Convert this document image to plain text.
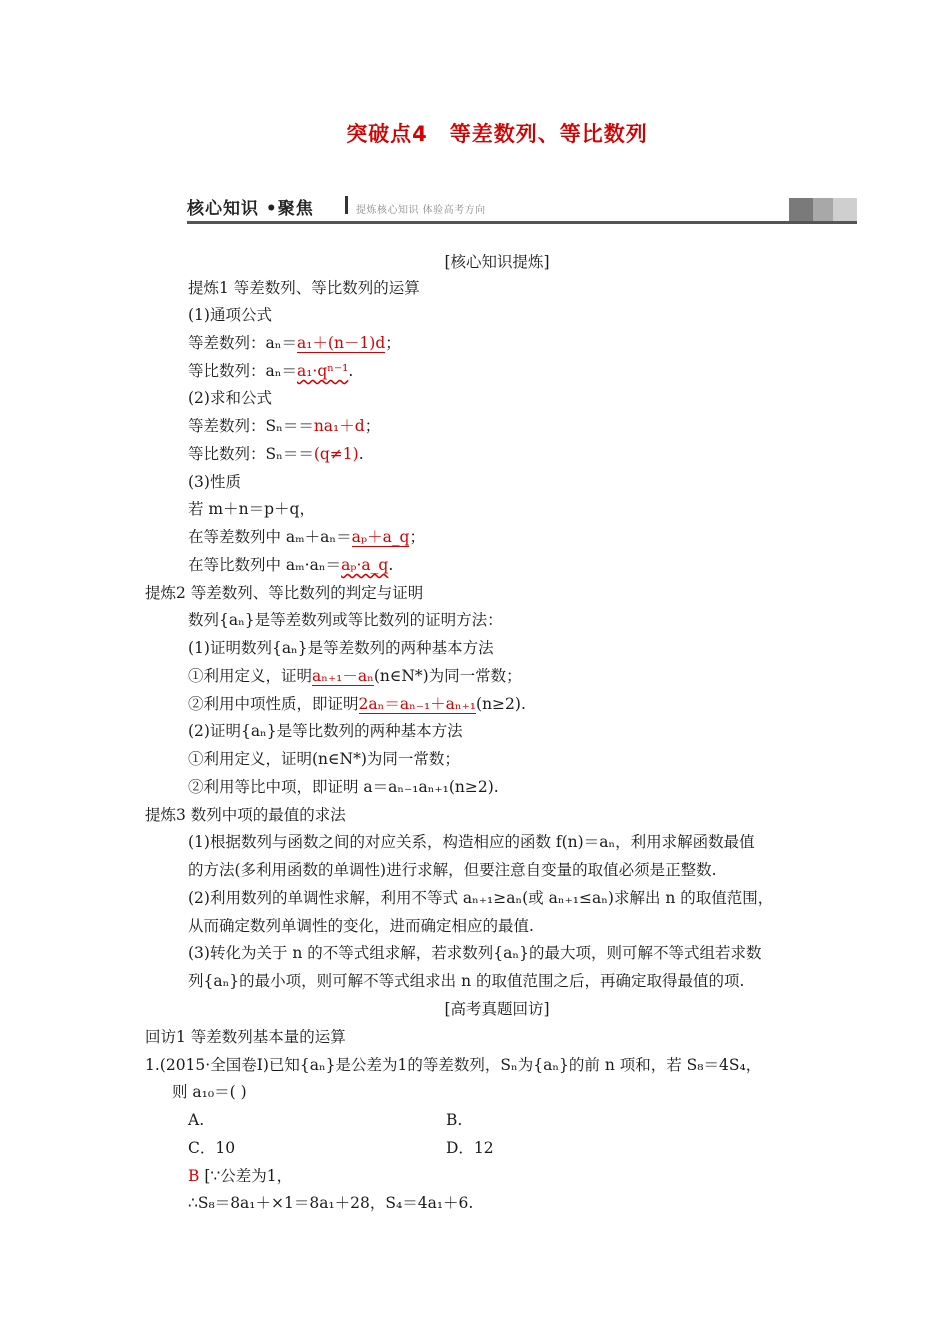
突破点4　等差数列、等比数列
核心知识 •聚焦	提炼核心知识 体验高考方向
[核心知识提炼]
提炼1 等差数列、等比数列的运算
(1)通项公式
等差数列：aₙ＝a₁＋(n－1)d；
等比数列：aₙ＝a₁·qⁿ⁻¹.
(2)求和公式
等差数列：Sₙ＝＝na₁＋d；
等比数列：Sₙ＝＝(q≠1).
(3)性质
若 m＋n＝p＋q，
在等差数列中 aₘ＋aₙ＝aₚ＋a_q；
在等比数列中 aₘ·aₙ＝aₚ·a_q.
提炼2 等差数列、等比数列的判定与证明
数列{aₙ}是等差数列或等比数列的证明方法：
(1)证明数列{aₙ}是等差数列的两种基本方法
①利用定义，证明aₙ₊₁－aₙ(n∈N*)为同一常数；
②利用中项性质，即证明2aₙ＝aₙ₋₁＋aₙ₊₁(n≥2).
(2)证明{aₙ}是等比数列的两种基本方法
①利用定义，证明(n∈N*)为同一常数；
②利用等比中项，即证明 a＝aₙ₋₁aₙ₊₁(n≥2).
提炼3 数列中项的最值的求法
(1)根据数列与函数之间的对应关系，构造相应的函数 f(n)＝aₙ，利用求解函数最值
的方法(多利用函数的单调性)进行求解，但要注意自变量的取值必须是正整数.
(2)利用数列的单调性求解，利用不等式 aₙ₊₁≥aₙ(或 aₙ₊₁≤aₙ)求解出 n 的取值范围，
从而确定数列单调性的变化，进而确定相应的最值.
(3)转化为关于 n 的不等式组求解，若求数列{aₙ}的最大项，则可解不等式组若求数
列{aₙ}的最小项，则可解不等式组求出 n 的取值范围之后，再确定取得最值的项.
[高考真题回访]
回访1 等差数列基本量的运算
1.(2015·全国卷Ⅰ)已知{aₙ}是公差为1的等差数列，Sₙ为{aₙ}的前 n 项和，若 S₈＝4S₄，
则 a₁₀＝( )
A.	B.
C．10	D．12
B [∵公差为1，
∴S₈＝8a₁＋×1＝8a₁＋28，S₄＝4a₁＋6.
